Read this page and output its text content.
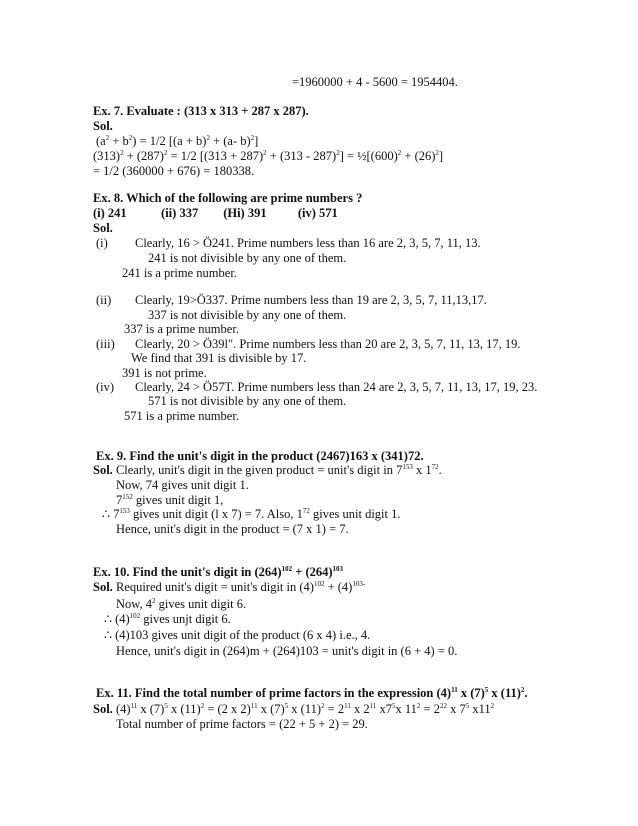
=1960000 + 4 - 5600 = 1954404.
Ex. 7. Evaluate : (313 x 313 + 287 x 287).
Sol.
$(a^2 + b^2) = 1/2$ [$(a + b)^2 + (a-$ b)$^2$]
$(313)^2 + (287)^2 = 1/2$ $[(313 + 287)^2 + (313 - 287)^2]$ = $\frac{1}{2}[(600)^2 + (26)^2]$
= 1/2 (360000 + 676) = 180338.
Ex. 8. Which of the following are prime numbers ?
(i) 241           (ii) 337        (Hi) 391          (iv) 571
Sol.
(i) Clearly, 16 > Ö241. Prime numbers less than 16 are 2, 3, 5, 7, 11, 13.
241 is not divisible by any one of them.
241 is a prime number.
(ii) Clearly, 19>Ö337. Prime numbers less than 19 are 2, 3, 5, 7, 11,13,17.
337 is not divisible by any one of them.
337 is a prime number.
(iii) Clearly, 20 > Ö39l". Prime numbers less than 20 are 2, 3, 5, 7, 11, 13, 17, 19.
We find that 391 is divisible by 17.
391 is not prime.
(iv) Clearly, 24 > Ö57T. Prime numbers less than 24 are 2, 3, 5, 7, 11, 13, 17, 19, 23.
571 is not divisible by any one of them.
571 is a prime number.
Ex. 9. Find the unit's digit in the product (2467)163 x (341)72.
Sol. Clearly, unit's digit in the given product = unit's digit in $7^{153}$ x $1^{72}$.
Now, 74 gives unit digit 1.
$7^{152}$ gives unit digit 1,
∴ $7^{153}$ gives unit digit (l x 7) = 7. Also, $1^{72}$ gives unit digit 1.
Hence, unit's digit in the product = (7 x 1) = 7.
Ex. 10. Find the unit's digit in $(264)^{102} + (264)^{103}$
Sol. Required unit's digit = unit's digit in $(4)^{102} + (4)^{103-}$
Now, $4^2$ gives unit digit 6.
∴ $(4)^{102}$ gives unjt digit 6.
∴ (4)103 gives unit digit of the product (6 x 4) i.e., 4.
Hence, unit's digit in (264)m + (264)103 = unit's digit in (6 + 4) = 0.
Ex. 11. Find the total number of prime factors in the expression $(4)^{11}$ x $(7)^5$ x $(11)^2$.
Sol. $(4)^{11}$ x $(7)^5$ x $(11)^2 = (2$ x 2)$^{11}$ x $(7)^5$ x $(11)^2 = 2^{11}$ x $2^{11}$ $x7^5x$ $11^2 = 2^{22}$ x $7^5$ $x11^2$
Total number of prime factors = (22 + 5 + 2) = 29.
